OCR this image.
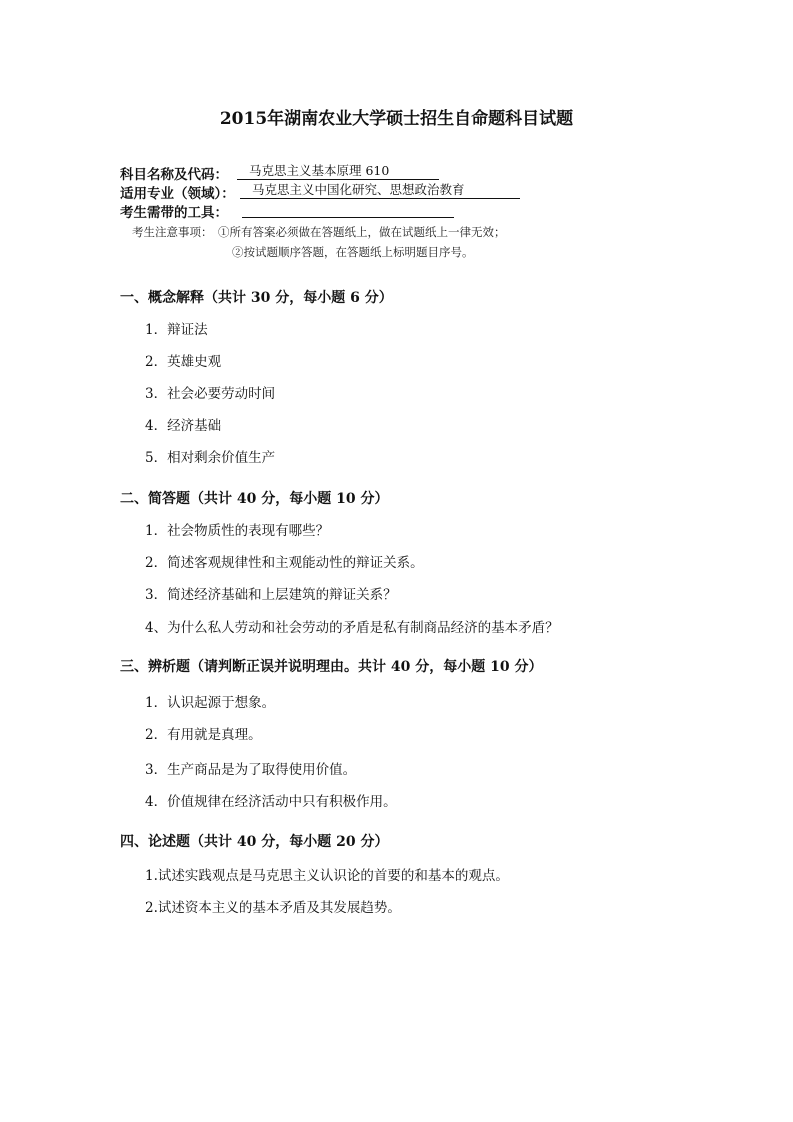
2015年湖南农业大学硕士招生自命题科目试题
科目名称及代码：	马克思主义基本原理 610
适用专业（领域）：	马克思主义中国化研究、思想政治教育
考生需带的工具：
考生注意事项： ①所有答案必须做在答题纸上，做在试题纸上一律无效；
②按试题顺序答题，在答题纸上标明题目序号。
一、概念解释（共计 30 分，每小题 6 分）
1．辩证法
2．英雄史观
3．社会必要劳动时间
4．经济基础
5．相对剩余价值生产
二、简答题（共计 40 分，每小题 10 分）
1．社会物质性的表现有哪些？
2．简述客观规律性和主观能动性的辩证关系。
3．简述经济基础和上层建筑的辩证关系？
4、为什么私人劳动和社会劳动的矛盾是私有制商品经济的基本矛盾？
三、辨析题（请判断正误并说明理由。共计 40 分，每小题 10 分）
1．认识起源于想象。
2．有用就是真理。
3．生产商品是为了取得使用价值。
4．价值规律在经济活动中只有积极作用。
四、论述题（共计 40 分，每小题 20 分）
1.试述实践观点是马克思主义认识论的首要的和基本的观点。
2.试述资本主义的基本矛盾及其发展趋势。
